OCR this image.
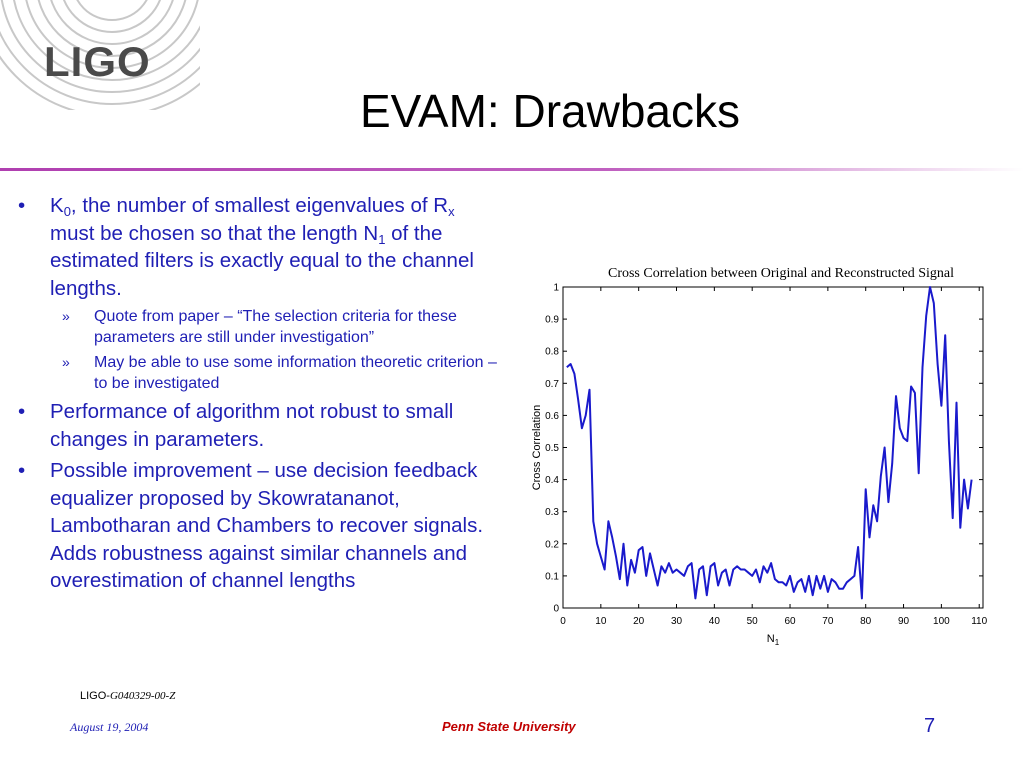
LIGO
EVAM: Drawbacks
• $K_0$, the number of smallest eigenvalues of $R_x$ must be chosen so that the length $N_1$ of the estimated filters is exactly equal to the channel lengths.
» Quote from paper – “The selection criteria for these parameters are still under investigation”
» May be able to use some information theoretic criterion – to be investigated
• Performance of algorithm not robust to small changes in parameters.
• Possible improvement – use decision feedback equalizer proposed by Skowratananot, Lambotharan and Chambers to recover signals. Adds robustness against similar channels and overestimation of channel lengths
Cross Correlation between Original and Reconstructed Signal
0	10	20	30	40	50	60	70	80	90 100 110
0
0.1
0.2
0.3
0.4
0.5
0.6
0.7
0.8
0.9
1
$N_1$
Cross Correlation
LIGO-G040329-00-Z
August 19, 2004	Penn State University	7
